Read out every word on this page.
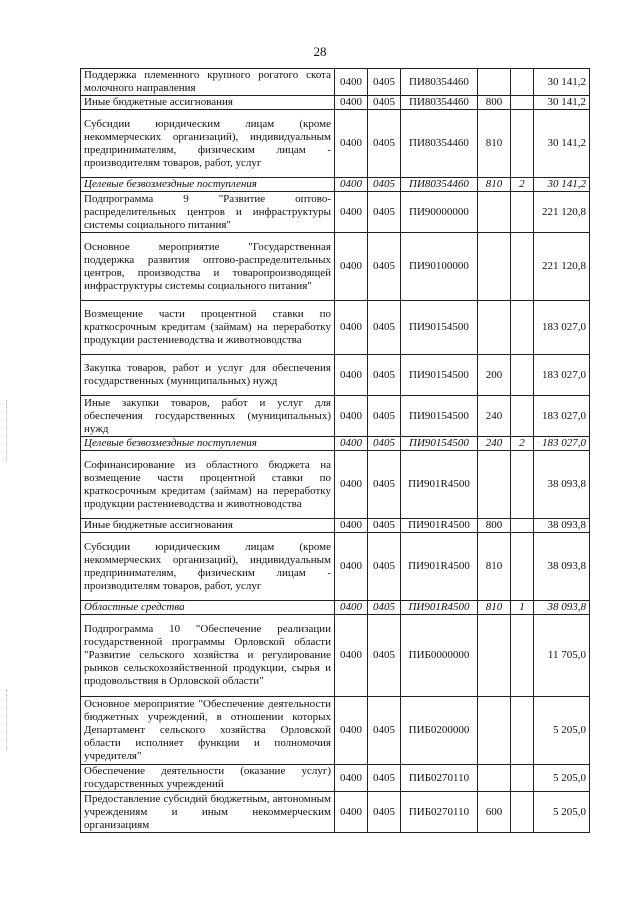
28
Поддержка племенного крупного рогатого скота молочного направления	0400	0405	ПИ80354460			30 141,2
Иные бюджетные ассигнования	0400	0405	ПИ80354460	800		30 141,2
Субсидии юридическим лицам (кроме некоммерческих организаций), индивидуальным предпринимателям, физическим лицам - производителям товаров, работ, услуг	0400	0405	ПИ80354460	810		30 141,2
Целевые безвозмездные поступления	0400	0405	ПИ80354460	810	2	30 141,2
Подпрограмма 9 "Развитие оптово-распределительных центров и инфраструктуры системы социального питания"	0400	0405	ПИ90000000			221 120,8
Основное мероприятие "Государственная поддержка развития оптово-распределительных центров, производства и товаропроизводящей инфраструктуры системы социального питания"	0400	0405	ПИ90100000			221 120,8
Возмещение части процентной ставки по краткосрочным кредитам (займам) на переработку продукции растениеводства и животноводства	0400	0405	ПИ90154500			183 027,0
Закупка товаров, работ и услуг для обеспечения государственных (муниципальных) нужд	0400	0405	ПИ90154500	200		183 027,0
Иные закупки товаров, работ и услуг для обеспечения государственных (муниципальных) нужд	0400	0405	ПИ90154500	240		183 027,0
Целевые безвозмездные поступления	0400	0405	ПИ90154500	240	2	183 027,0
Софинансирование из областного бюджета на возмещение части процентной ставки по краткосрочным кредитам (займам) на переработку продукции растениеводства и животноводства	0400	0405	ПИ901R4500			38 093,8
Иные бюджетные ассигнования	0400	0405	ПИ901R4500	800		38 093,8
Субсидии юридическим лицам (кроме некоммерческих организаций), индивидуальным предпринимателям, физическим лицам - производителям товаров, работ, услуг	0400	0405	ПИ901R4500	810		38 093,8
Областные средства	0400	0405	ПИ901R4500	810	1	38 093,8
Подпрограмма 10 "Обеспечение реализации государственной программы Орловской области "Развитие сельского хозяйства и регулирование рынков сельскохозяйственной продукции, сырья и продовольствия в Орловской области"	0400	0405	ПИБ0000000			11 705,0
Основное мероприятие "Обеспечение деятельности бюджетных учреждений, в отношении которых Департамент сельского хозяйства Орловской области исполняет функции и полномочия учредителя"	0400	0405	ПИБ0200000			5 205,0
Обеспечение деятельности (оказание услуг) государственных учреждений	0400	0405	ПИБ0270110			5 205,0
Предоставление субсидий бюджетным, автономным учреждениям и иным некоммерческим организациям	0400	0405	ПИБ0270110	600		5 205,0
